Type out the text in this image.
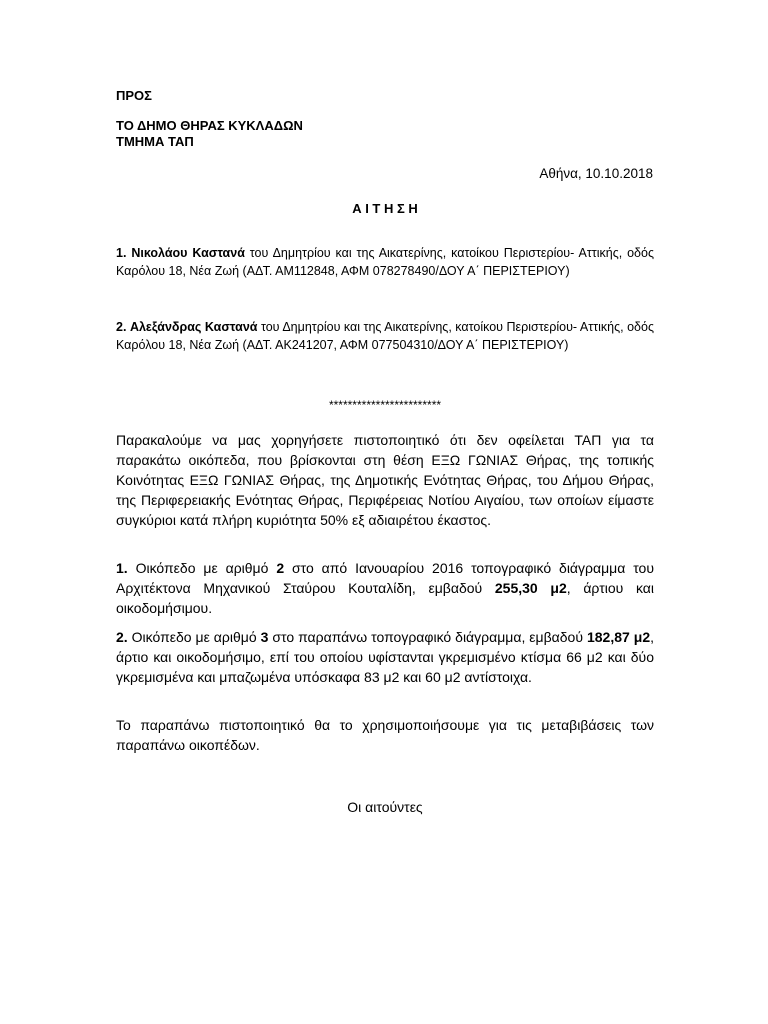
ΠΡΟΣ
ΤΟ ΔΗΜΟ ΘΗΡΑΣ ΚΥΚΛΑΔΩΝ
ΤΜΗΜΑ ΤΑΠ
Αθήνα, 10.10.2018
Α Ι Τ Η Σ Η

1. Νικολάου Καστανά του Δημητρίου και της Αικατερίνης, κατοίκου Περιστερίου- Αττικής, οδός Καρόλου 18, Νέα Ζωή (ΑΔΤ. ΑΜ112848, ΑΦΜ 078278490/ΔΟΥ Α΄ ΠΕΡΙΣΤΕΡΙΟΥ)

2. Αλεξάνδρας Καστανά του Δημητρίου και της Αικατερίνης, κατοίκου Περιστερίου- Αττικής, οδός Καρόλου 18, Νέα Ζωή (ΑΔΤ. ΑΚ241207, ΑΦΜ 077504310/ΔΟΥ Α΄ ΠΕΡΙΣΤΕΡΙΟΥ)

************************

Παρακαλούμε να μας χορηγήσετε πιστοποιητικό ότι δεν οφείλεται ΤΑΠ για τα παρακάτω οικόπεδα, που βρίσκονται στη θέση ΕΞΩ ΓΩΝΙΑΣ Θήρας, της τοπικής Κοινότητας ΕΞΩ ΓΩΝΙΑΣ Θήρας, της Δημοτικής Ενότητας Θήρας, του Δήμου Θήρας, της Περιφερειακής Ενότητας Θήρας, Περιφέρειας Νοτίου Αιγαίου, των οποίων είμαστε συγκύριοι κατά πλήρη κυριότητα 50% εξ αδιαιρέτου έκαστος.

1. Οικόπεδο με αριθμό 2 στο από Ιανουαρίου 2016 τοπογραφικό διάγραμμα του Αρχιτέκτονα Μηχανικού Σταύρου Κουταλίδη, εμβαδού 255,30 μ2, άρτιου και οικοδομήσιμου.

2. Οικόπεδο με αριθμό 3 στο παραπάνω τοπογραφικό διάγραμμα, εμβαδού 182,87 μ2, άρτιο και οικοδομήσιμο, επί του οποίου υφίστανται γκρεμισμένο κτίσμα 66 μ2 και δύο γκρεμισμένα και μπαζωμένα υπόσκαφα 83 μ2 και 60 μ2 αντίστοιχα.

Το παραπάνω πιστοποιητικό θα το χρησιμοποιήσουμε για τις μεταβιβάσεις των παραπάνω οικοπέδων.

Οι αιτούντες
